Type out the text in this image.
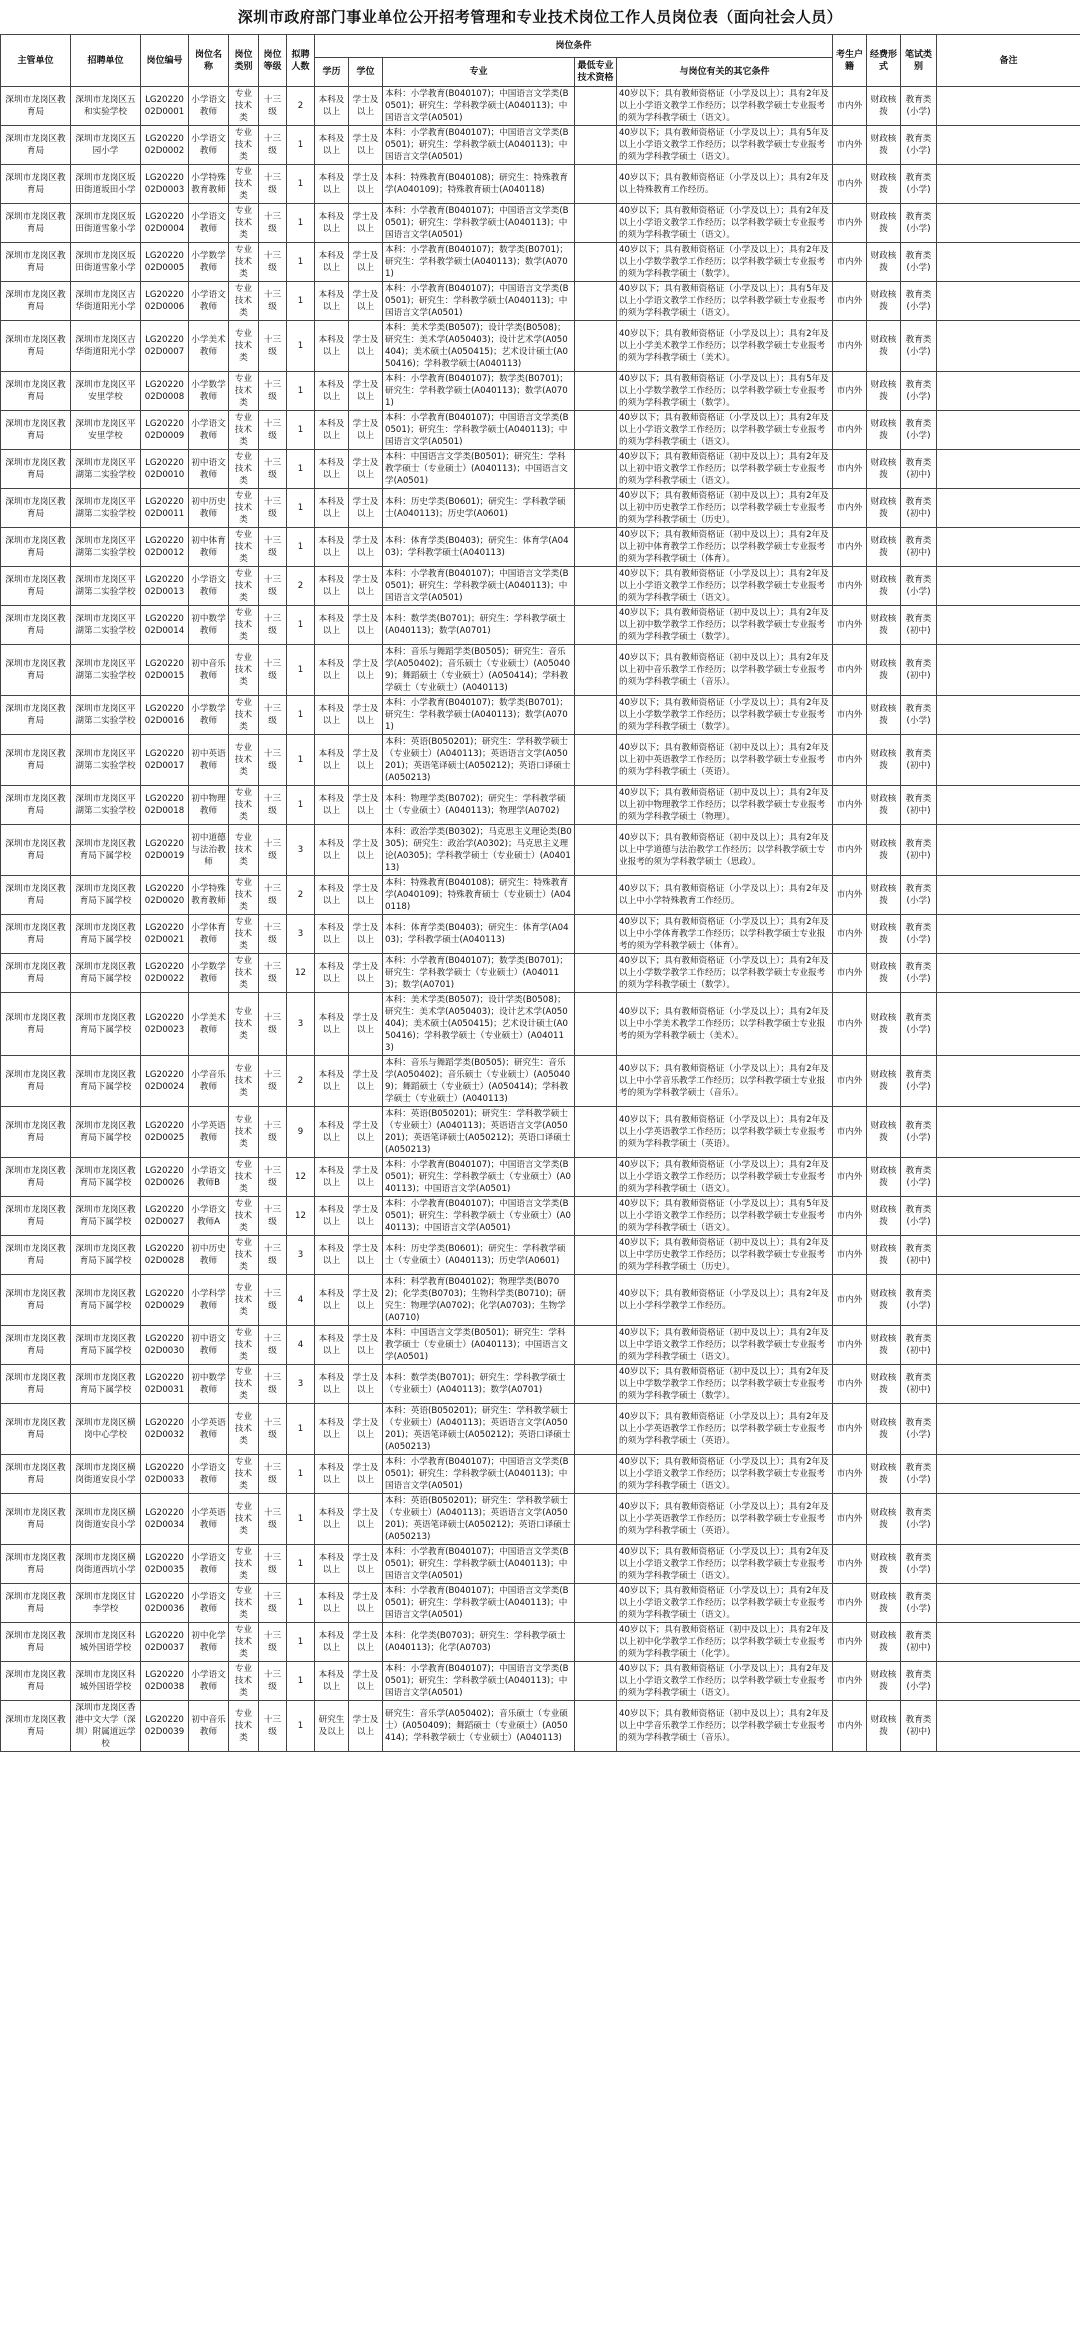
深圳市政府部门事业单位公开招考管理和专业技术岗位工作人员岗位表（面向社会人员）
主管单位	招聘单位	岗位编号	岗位名称	岗位类别	岗位等级	拟聘人数	岗位条件					考生户籍	经费形式	笔试类别	备注
							学历	学位	专业	最低专业技术资格	与岗位有关的其它条件				
深圳市龙岗区教育局	深圳市龙岗区五和实验学校	LG2022002D0001	小学语文教师	专业技术类	十三级	2	本科及以上	学士及以上	本科：小学教育(B040107)；中国语言文学类(B0501)；研究生：学科教学硕士(A040113)；中国语言文学(A0501)		40岁以下；具有教师资格证（小学及以上）；具有2年及以上小学语文教学工作经历；以学科教学硕士专业报考的须为学科教学硕士（语文）。	市内外	财政核拨	教育类(小学)	
深圳市龙岗区教育局	深圳市龙岗区五园小学	LG2022002D0002	小学语文教师	专业技术类	十三级	1	本科及以上	学士及以上	本科：小学教育(B040107)；中国语言文学类(B0501)；研究生：学科教学硕士(A040113)；中国语言文学(A0501)		40岁以下；具有教师资格证（小学及以上）；具有5年及以上小学语文教学工作经历；以学科教学硕士专业报考的须为学科教学硕士（语文）。	市内外	财政核拨	教育类(小学)	
深圳市龙岗区教育局	深圳市龙岗区坂田街道坂田小学	LG2022002D0003	小学特殊教育教师	专业技术类	十三级	1	本科及以上	学士及以上	本科：特殊教育(B040108)；研究生：特殊教育学(A040109)；特殊教育硕士(A040118)		40岁以下；具有教师资格证（小学及以上）；具有2年及以上特殊教育工作经历。	市内外	财政核拨	教育类(小学)	
深圳市龙岗区教育局	深圳市龙岗区坂田街道雪象小学	LG2022002D0004	小学语文教师	专业技术类	十三级	1	本科及以上	学士及以上	本科：小学教育(B040107)；中国语言文学类(B0501)；研究生：学科教学硕士(A040113)；中国语言文学(A0501)		40岁以下；具有教师资格证（小学及以上）；具有2年及以上小学语文教学工作经历；以学科教学硕士专业报考的须为学科教学硕士（语文）。	市内外	财政核拨	教育类(小学)	
深圳市龙岗区教育局	深圳市龙岗区坂田街道雪象小学	LG2022002D0005	小学数学教师	专业技术类	十三级	1	本科及以上	学士及以上	本科：小学教育(B040107)；数学类(B0701)；研究生：学科教学硕士(A040113)；数学(A0701)		40岁以下；具有教师资格证（小学及以上）；具有2年及以上小学数学教学工作经历；以学科教学硕士专业报考的须为学科教学硕士（数学）。	市内外	财政核拨	教育类(小学)	
深圳市龙岗区教育局	深圳市龙岗区吉华街道阳光小学	LG2022002D0006	小学语文教师	专业技术类	十三级	1	本科及以上	学士及以上	本科：小学教育(B040107)；中国语言文学类(B0501)；研究生：学科教学硕士(A040113)；中国语言文学(A0501)		40岁以下；具有教师资格证（小学及以上）；具有5年及以上小学语文教学工作经历；以学科教学硕士专业报考的须为学科教学硕士（语文）。	市内外	财政核拨	教育类(小学)	
深圳市龙岗区教育局	深圳市龙岗区吉华街道阳光小学	LG2022002D0007	小学美术教师	专业技术类	十三级	1	本科及以上	学士及以上	本科：美术学类(B0507)；设计学类(B0508)；研究生：美术学(A050403)；设计艺术学(A050404)；美术硕士(A050415)；艺术设计硕士(A050416)；学科教学硕士(A040113)		40岁以下；具有教师资格证（小学及以上）；具有2年及以上小学美术教学工作经历；以学科教学硕士专业报考的须为学科教学硕士（美术）。	市内外	财政核拨	教育类(小学)	
深圳市龙岗区教育局	深圳市龙岗区平安里学校	LG2022002D0008	小学数学教师	专业技术类	十三级	1	本科及以上	学士及以上	本科：小学教育(B040107)；数学类(B0701)；研究生：学科教学硕士(A040113)；数学(A0701)		40岁以下；具有教师资格证（小学及以上）；具有5年及以上小学数学教学工作经历；以学科教学硕士专业报考的须为学科教学硕士（数学）。	市内外	财政核拨	教育类(小学)	
深圳市龙岗区教育局	深圳市龙岗区平安里学校	LG2022002D0009	小学语文教师	专业技术类	十三级	1	本科及以上	学士及以上	本科：小学教育(B040107)；中国语言文学类(B0501)；研究生：学科教学硕士(A040113)；中国语言文学(A0501)		40岁以下；具有教师资格证（小学及以上）；具有2年及以上小学语文教学工作经历；以学科教学硕士专业报考的须为学科教学硕士（语文）。	市内外	财政核拨	教育类(小学)	
深圳市龙岗区教育局	深圳市龙岗区平湖第二实验学校	LG2022002D0010	初中语文教师	专业技术类	十三级	1	本科及以上	学士及以上	本科：中国语言文学类(B0501)；研究生：学科教学硕士（专业硕士）(A040113)；中国语言文学(A0501)		40岁以下；具有教师资格证（初中及以上）；具有2年及以上初中语文教学工作经历；以学科教学硕士专业报考的须为学科教学硕士（语文）。	市内外	财政核拨	教育类(初中)	
深圳市龙岗区教育局	深圳市龙岗区平湖第二实验学校	LG2022002D0011	初中历史教师	专业技术类	十三级	1	本科及以上	学士及以上	本科：历史学类(B0601)；研究生：学科教学硕士(A040113)；历史学(A0601)		40岁以下；具有教师资格证（初中及以上）；具有2年及以上初中历史教学工作经历；以学科教学硕士专业报考的须为学科教学硕士（历史）。	市内外	财政核拨	教育类(初中)	
深圳市龙岗区教育局	深圳市龙岗区平湖第二实验学校	LG2022002D0012	初中体育教师	专业技术类	十三级	1	本科及以上	学士及以上	本科：体育学类(B0403)；研究生：体育学(A0403)；学科教学硕士(A040113)		40岁以下；具有教师资格证（初中及以上）；具有2年及以上初中体育教学工作经历；以学科教学硕士专业报考的须为学科教学硕士（体育）。	市内外	财政核拨	教育类(初中)	
深圳市龙岗区教育局	深圳市龙岗区平湖第二实验学校	LG2022002D0013	小学语文教师	专业技术类	十三级	2	本科及以上	学士及以上	本科：小学教育(B040107)；中国语言文学类(B0501)；研究生：学科教学硕士(A040113)；中国语言文学(A0501)		40岁以下；具有教师资格证（小学及以上）；具有2年及以上小学语文教学工作经历；以学科教学硕士专业报考的须为学科教学硕士（语文）。	市内外	财政核拨	教育类(小学)	
深圳市龙岗区教育局	深圳市龙岗区平湖第二实验学校	LG2022002D0014	初中数学教师	专业技术类	十三级	1	本科及以上	学士及以上	本科：数学类(B0701)；研究生：学科教学硕士(A040113)；数学(A0701)		40岁以下；具有教师资格证（初中及以上）；具有2年及以上初中数学教学工作经历；以学科教学硕士专业报考的须为学科教学硕士（数学）。	市内外	财政核拨	教育类(初中)	
深圳市龙岗区教育局	深圳市龙岗区平湖第二实验学校	LG2022002D0015	初中音乐教师	专业技术类	十三级	1	本科及以上	学士及以上	本科：音乐与舞蹈学类(B0505)；研究生：音乐学(A050402)；音乐硕士（专业硕士）(A050409)；舞蹈硕士（专业硕士）(A050414)；学科教学硕士（专业硕士）(A040113)		40岁以下；具有教师资格证（初中及以上）；具有2年及以上初中音乐教学工作经历；以学科教学硕士专业报考的须为学科教学硕士（音乐）。	市内外	财政核拨	教育类(初中)	
深圳市龙岗区教育局	深圳市龙岗区平湖第二实验学校	LG2022002D0016	小学数学教师	专业技术类	十三级	1	本科及以上	学士及以上	本科：小学教育(B040107)；数学类(B0701)；研究生：学科教学硕士(A040113)；数学(A0701)		40岁以下；具有教师资格证（小学及以上）；具有2年及以上小学数学教学工作经历；以学科教学硕士专业报考的须为学科教学硕士（数学）。	市内外	财政核拨	教育类(小学)	
深圳市龙岗区教育局	深圳市龙岗区平湖第二实验学校	LG2022002D0017	初中英语教师	专业技术类	十三级	1	本科及以上	学士及以上	本科：英语(B050201)；研究生：学科教学硕士（专业硕士）(A040113)；英语语言文学(A050201)；英语笔译硕士(A050212)；英语口译硕士(A050213)		40岁以下；具有教师资格证（初中及以上）；具有2年及以上初中英语教学工作经历；以学科教学硕士专业报考的须为学科教学硕士（英语）。	市内外	财政核拨	教育类(初中)	
深圳市龙岗区教育局	深圳市龙岗区平湖第二实验学校	LG2022002D0018	初中物理教师	专业技术类	十三级	1	本科及以上	学士及以上	本科：物理学类(B0702)；研究生：学科教学硕士（专业硕士）(A040113)；物理学(A0702)		40岁以下；具有教师资格证（初中及以上）；具有2年及以上初中物理教学工作经历；以学科教学硕士专业报考的须为学科教学硕士（物理）。	市内外	财政核拨	教育类(初中)	
深圳市龙岗区教育局	深圳市龙岗区教育局下属学校	LG2022002D0019	初中道德与法治教师	专业技术类	十三级	3	本科及以上	学士及以上	本科：政治学类(B0302)；马克思主义理论类(B0305)；研究生：政治学(A0302)；马克思主义理论(A0305)；学科教学硕士（专业硕士）(A040113)		40岁以下；具有教师资格证（初中及以上）；具有2年及以上中学道德与法治教学工作经历；以学科教学硕士专业报考的须为学科教学硕士（思政）。	市内外	财政核拨	教育类(初中)	
深圳市龙岗区教育局	深圳市龙岗区教育局下属学校	LG2022002D0020	小学特殊教育教师	专业技术类	十三级	2	本科及以上	学士及以上	本科：特殊教育(B040108)；研究生：特殊教育学(A040109)；特殊教育硕士（专业硕士）(A040118)		40岁以下；具有教师资格证（小学及以上）；具有2年及以上中小学特殊教育工作经历。	市内外	财政核拨	教育类(小学)	
深圳市龙岗区教育局	深圳市龙岗区教育局下属学校	LG2022002D0021	小学体育教师	专业技术类	十三级	3	本科及以上	学士及以上	本科：体育学类(B0403)；研究生：体育学(A0403)；学科教学硕士(A040113)		40岁以下；具有教师资格证（小学及以上）；具有2年及以上中小学体育教学工作经历；以学科教学硕士专业报考的须为学科教学硕士（体育）。	市内外	财政核拨	教育类(小学)	
深圳市龙岗区教育局	深圳市龙岗区教育局下属学校	LG2022002D0022	小学数学教师	专业技术类	十三级	12	本科及以上	学士及以上	本科：小学教育(B040107)；数学类(B0701)；研究生：学科教学硕士（专业硕士）(A040113)；数学(A0701)		40岁以下；具有教师资格证（小学及以上）；具有2年及以上小学数学教学工作经历；以学科教学硕士专业报考的须为学科教学硕士（数学）。	市内外	财政核拨	教育类(小学)	
深圳市龙岗区教育局	深圳市龙岗区教育局下属学校	LG2022002D0023	小学美术教师	专业技术类	十三级	3	本科及以上	学士及以上	本科：美术学类(B0507)；设计学类(B0508)；研究生：美术学(A050403)；设计艺术学(A050404)；美术硕士(A050415)；艺术设计硕士(A050416)；学科教学硕士（专业硕士）(A040113)		40岁以下；具有教师资格证（小学及以上）；具有2年及以上中小学美术教学工作经历；以学科教学硕士专业报考的须为学科教学硕士（美术）。	市内外	财政核拨	教育类(小学)	
深圳市龙岗区教育局	深圳市龙岗区教育局下属学校	LG2022002D0024	小学音乐教师	专业技术类	十三级	2	本科及以上	学士及以上	本科：音乐与舞蹈学类(B0505)；研究生：音乐学(A050402)；音乐硕士（专业硕士）(A050409)；舞蹈硕士（专业硕士）(A050414)；学科教学硕士（专业硕士）(A040113)		40岁以下；具有教师资格证（小学及以上）；具有2年及以上中小学音乐教学工作经历；以学科教学硕士专业报考的须为学科教学硕士（音乐）。	市内外	财政核拨	教育类(小学)	
深圳市龙岗区教育局	深圳市龙岗区教育局下属学校	LG2022002D0025	小学英语教师	专业技术类	十三级	9	本科及以上	学士及以上	本科：英语(B050201)；研究生：学科教学硕士（专业硕士）(A040113)；英语语言文学(A050201)；英语笔译硕士(A050212)；英语口译硕士(A050213)		40岁以下；具有教师资格证（小学及以上）；具有2年及以上小学英语教学工作经历；以学科教学硕士专业报考的须为学科教学硕士（英语）。	市内外	财政核拨	教育类(小学)	
深圳市龙岗区教育局	深圳市龙岗区教育局下属学校	LG2022002D0026	小学语文教师B	专业技术类	十三级	12	本科及以上	学士及以上	本科：小学教育(B040107)；中国语言文学类(B0501)；研究生：学科教学硕士（专业硕士）(A040113)；中国语言文学(A0501)		40岁以下；具有教师资格证（小学及以上）；具有2年及以上小学语文教学工作经历；以学科教学硕士专业报考的须为学科教学硕士（语文）。	市内外	财政核拨	教育类(小学)	
深圳市龙岗区教育局	深圳市龙岗区教育局下属学校	LG2022002D0027	小学语文教师A	专业技术类	十三级	12	本科及以上	学士及以上	本科：小学教育(B040107)；中国语言文学类(B0501)；研究生：学科教学硕士（专业硕士）(A040113)；中国语言文学(A0501)		40岁以下；具有教师资格证（小学及以上）；具有5年及以上小学语文教学工作经历；以学科教学硕士专业报考的须为学科教学硕士（语文）。	市内外	财政核拨	教育类(小学)	
深圳市龙岗区教育局	深圳市龙岗区教育局下属学校	LG2022002D0028	初中历史教师	专业技术类	十三级	3	本科及以上	学士及以上	本科：历史学类(B0601)；研究生：学科教学硕士（专业硕士）(A040113)；历史学(A0601)		40岁以下；具有教师资格证（初中及以上）；具有2年及以上中学历史教学工作经历；以学科教学硕士专业报考的须为学科教学硕士（历史）。	市内外	财政核拨	教育类(初中)	
深圳市龙岗区教育局	深圳市龙岗区教育局下属学校	LG2022002D0029	小学科学教师	专业技术类	十三级	4	本科及以上	学士及以上	本科：科学教育(B040102)；物理学类(B0702)；化学类(B0703)；生物科学类(B0710)；研究生：物理学(A0702)；化学(A0703)；生物学(A0710)		40岁以下；具有教师资格证（小学及以上）；具有2年及以上小学科学教学工作经历。	市内外	财政核拨	教育类(小学)	
深圳市龙岗区教育局	深圳市龙岗区教育局下属学校	LG2022002D0030	初中语文教师	专业技术类	十三级	4	本科及以上	学士及以上	本科：中国语言文学类(B0501)；研究生：学科教学硕士（专业硕士）(A040113)；中国语言文学(A0501)		40岁以下；具有教师资格证（初中及以上）；具有2年及以上中学语文教学工作经历；以学科教学硕士专业报考的须为学科教学硕士（语文）。	市内外	财政核拨	教育类(初中)	
深圳市龙岗区教育局	深圳市龙岗区教育局下属学校	LG2022002D0031	初中数学教师	专业技术类	十三级	3	本科及以上	学士及以上	本科：数学类(B0701)；研究生：学科教学硕士（专业硕士）(A040113)；数学(A0701)		40岁以下；具有教师资格证（初中及以上）；具有2年及以上中学数学教学工作经历；以学科教学硕士专业报考的须为学科教学硕士（数学）。	市内外	财政核拨	教育类(初中)	
深圳市龙岗区教育局	深圳市龙岗区横岗中心学校	LG2022002D0032	小学英语教师	专业技术类	十三级	1	本科及以上	学士及以上	本科：英语(B050201)；研究生：学科教学硕士（专业硕士）(A040113)；英语语言文学(A050201)；英语笔译硕士(A050212)；英语口译硕士(A050213)		40岁以下；具有教师资格证（小学及以上）；具有2年及以上小学英语教学工作经历；以学科教学硕士专业报考的须为学科教学硕士（英语）。	市内外	财政核拨	教育类(小学)	
深圳市龙岗区教育局	深圳市龙岗区横岗街道安良小学	LG2022002D0033	小学语文教师	专业技术类	十三级	1	本科及以上	学士及以上	本科：小学教育(B040107)；中国语言文学类(B0501)；研究生：学科教学硕士(A040113)；中国语言文学(A0501)		40岁以下；具有教师资格证（小学及以上）；具有2年及以上小学语文教学工作经历；以学科教学硕士专业报考的须为学科教学硕士（语文）。	市内外	财政核拨	教育类(小学)	
深圳市龙岗区教育局	深圳市龙岗区横岗街道安良小学	LG2022002D0034	小学英语教师	专业技术类	十三级	1	本科及以上	学士及以上	本科：英语(B050201)；研究生：学科教学硕士（专业硕士）(A040113)；英语语言文学(A050201)；英语笔译硕士(A050212)；英语口译硕士(A050213)		40岁以下；具有教师资格证（小学及以上）；具有2年及以上小学英语教学工作经历；以学科教学硕士专业报考的须为学科教学硕士（英语）。	市内外	财政核拨	教育类(小学)	
深圳市龙岗区教育局	深圳市龙岗区横岗街道西坑小学	LG2022002D0035	小学语文教师	专业技术类	十三级	1	本科及以上	学士及以上	本科：小学教育(B040107)；中国语言文学类(B0501)；研究生：学科教学硕士(A040113)；中国语言文学(A0501)		40岁以下；具有教师资格证（小学及以上）；具有2年及以上小学语文教学工作经历；以学科教学硕士专业报考的须为学科教学硕士（语文）。	市内外	财政核拨	教育类(小学)	
深圳市龙岗区教育局	深圳市龙岗区甘李学校	LG2022002D0036	小学语文教师	专业技术类	十三级	1	本科及以上	学士及以上	本科：小学教育(B040107)；中国语言文学类(B0501)；研究生：学科教学硕士(A040113)；中国语言文学(A0501)		40岁以下；具有教师资格证（小学及以上）；具有2年及以上小学语文教学工作经历；以学科教学硕士专业报考的须为学科教学硕士（语文）。	市内外	财政核拨	教育类(小学)	
深圳市龙岗区教育局	深圳市龙岗区科城外国语学校	LG2022002D0037	初中化学教师	专业技术类	十三级	1	本科及以上	学士及以上	本科：化学类(B0703)；研究生：学科教学硕士(A040113)；化学(A0703)		40岁以下；具有教师资格证（初中及以上）；具有2年及以上初中化学教学工作经历；以学科教学硕士专业报考的须为学科教学硕士（化学）。	市内外	财政核拨	教育类(初中)	
深圳市龙岗区教育局	深圳市龙岗区科城外国语学校	LG2022002D0038	小学语文教师	专业技术类	十三级	1	本科及以上	学士及以上	本科：小学教育(B040107)；中国语言文学类(B0501)；研究生：学科教学硕士(A040113)；中国语言文学(A0501)		40岁以下；具有教师资格证（小学及以上）；具有2年及以上小学语文教学工作经历；以学科教学硕士专业报考的须为学科教学硕士（语文）。	市内外	财政核拨	教育类(小学)	
深圳市龙岗区教育局	深圳市龙岗区香港中文大学（深圳）附属道远学校	LG2022002D0039	初中音乐教师	专业技术类	十三级	1	研究生及以上	学士及以上	研究生：音乐学(A050402)；音乐硕士（专业硕士）(A050409)；舞蹈硕士（专业硕士）(A050414)；学科教学硕士（专业硕士）(A040113)		40岁以下；具有教师资格证（初中及以上）；具有2年及以上中学音乐教学工作经历；以学科教学硕士专业报考的须为学科教学硕士（音乐）。	市内外	财政核拨	教育类(初中)	
